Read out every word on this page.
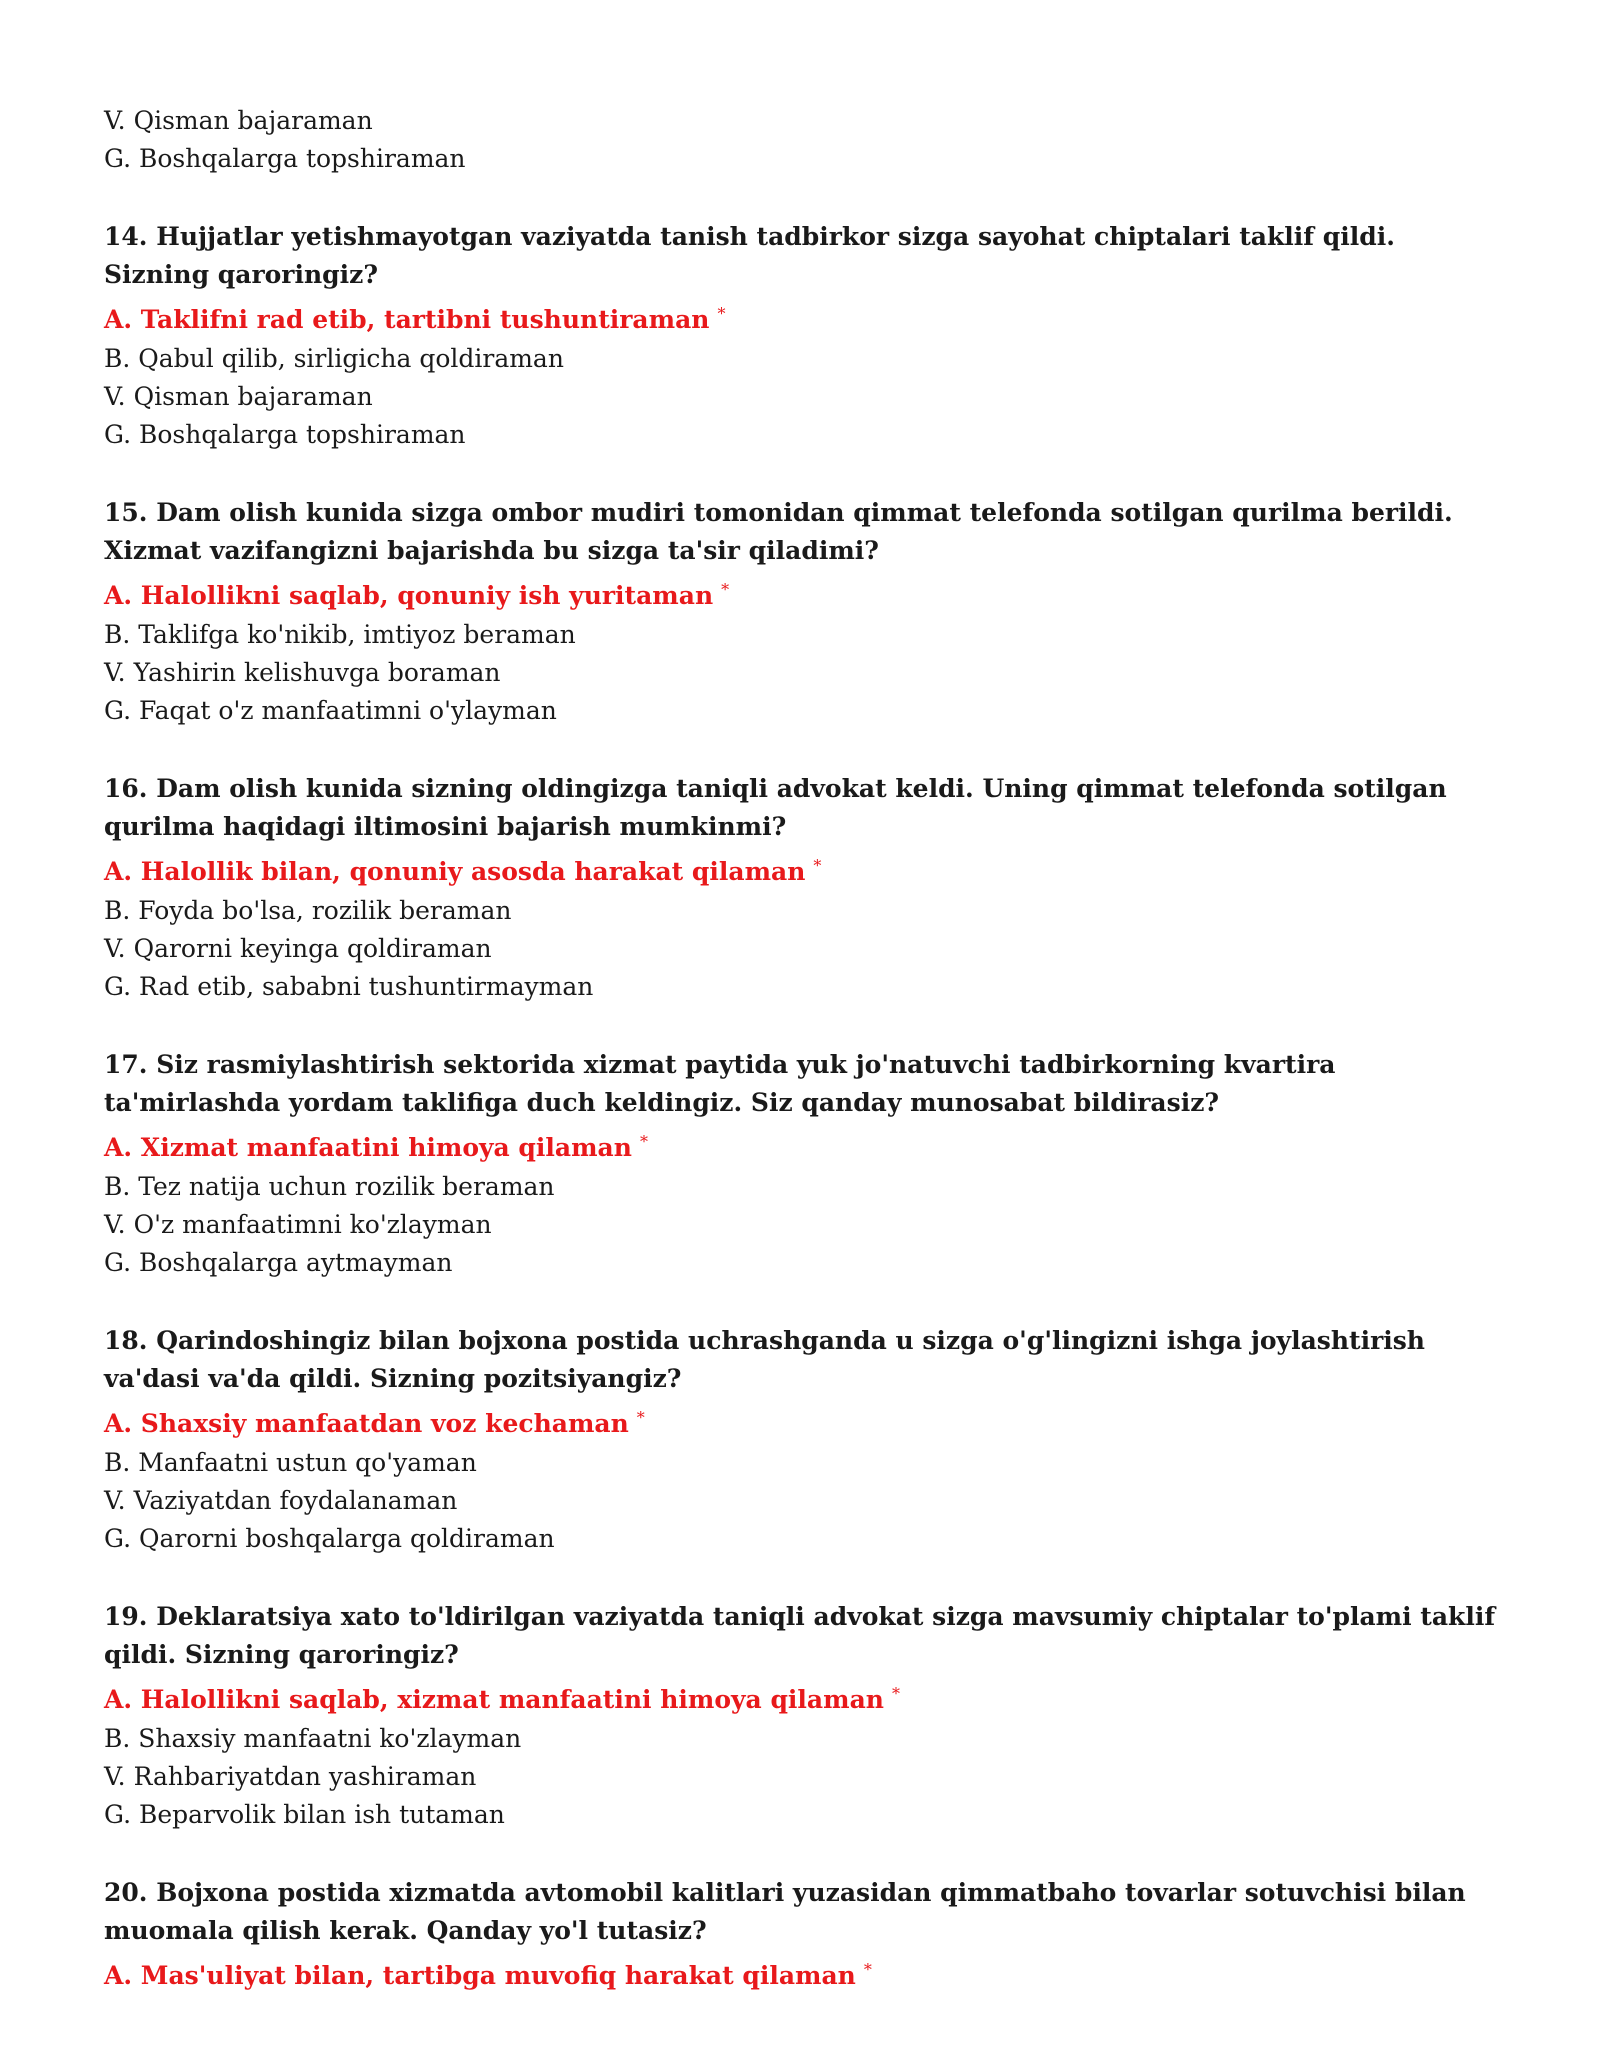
V. Qisman bajaraman
G. Boshqalarga topshiraman
14. Hujjatlar yetishmayotgan vaziyatda tanish tadbirkor sizga sayohat chiptalari taklif qildi. Sizning qaroringiz?
A. Taklifni rad etib, tartibni tushuntiraman *
B. Qabul qilib, sirligicha qoldiraman
V. Qisman bajaraman
G. Boshqalarga topshiraman
15. Dam olish kunida sizga ombor mudiri tomonidan qimmat telefonda sotilgan qurilma berildi. Xizmat vazifangizni bajarishda bu sizga ta'sir qiladimi?
A. Halollikni saqlab, qonuniy ish yuritaman *
B. Taklifga ko'nikib, imtiyoz beraman
V. Yashirin kelishuvga boraman
G. Faqat o'z manfaatimni o'ylayman
16. Dam olish kunida sizning oldingizga taniqli advokat keldi. Uning qimmat telefonda sotilgan qurilma haqidagi iltimosini bajarish mumkinmi?
A. Halollik bilan, qonuniy asosda harakat qilaman *
B. Foyda bo'lsa, rozilik beraman
V. Qarorni keyinga qoldiraman
G. Rad etib, sababni tushuntirmayman
17. Siz rasmiylashtirish sektorida xizmat paytida yuk jo'natuvchi tadbirkorning kvartira ta'mirlashda yordam taklifiga duch keldingiz. Siz qanday munosabat bildirasiz?
A. Xizmat manfaatini himoya qilaman *
B. Tez natija uchun rozilik beraman
V. O'z manfaatimni ko'zlayman
G. Boshqalarga aytmayman
18. Qarindoshingiz bilan bojxona postida uchrashganda u sizga o'g'lingizni ishga joylashtirish va'dasi va'da qildi. Sizning pozitsiyangiz?
A. Shaxsiy manfaatdan voz kechaman *
B. Manfaatni ustun qo'yaman
V. Vaziyatdan foydalanaman
G. Qarorni boshqalarga qoldiraman
19. Deklaratsiya xato to'ldirilgan vaziyatda taniqli advokat sizga mavsumiy chiptalar to'plami taklif qildi. Sizning qaroringiz?
A. Halollikni saqlab, xizmat manfaatini himoya qilaman *
B. Shaxsiy manfaatni ko'zlayman
V. Rahbariyatdan yashiraman
G. Beparvolik bilan ish tutaman
20. Bojxona postida xizmatda avtomobil kalitlari yuzasidan qimmatbaho tovarlar sotuvchisi bilan muomala qilish kerak. Qanday yo'l tutasiz?
A. Mas'uliyat bilan, tartibga muvofiq harakat qilaman *
